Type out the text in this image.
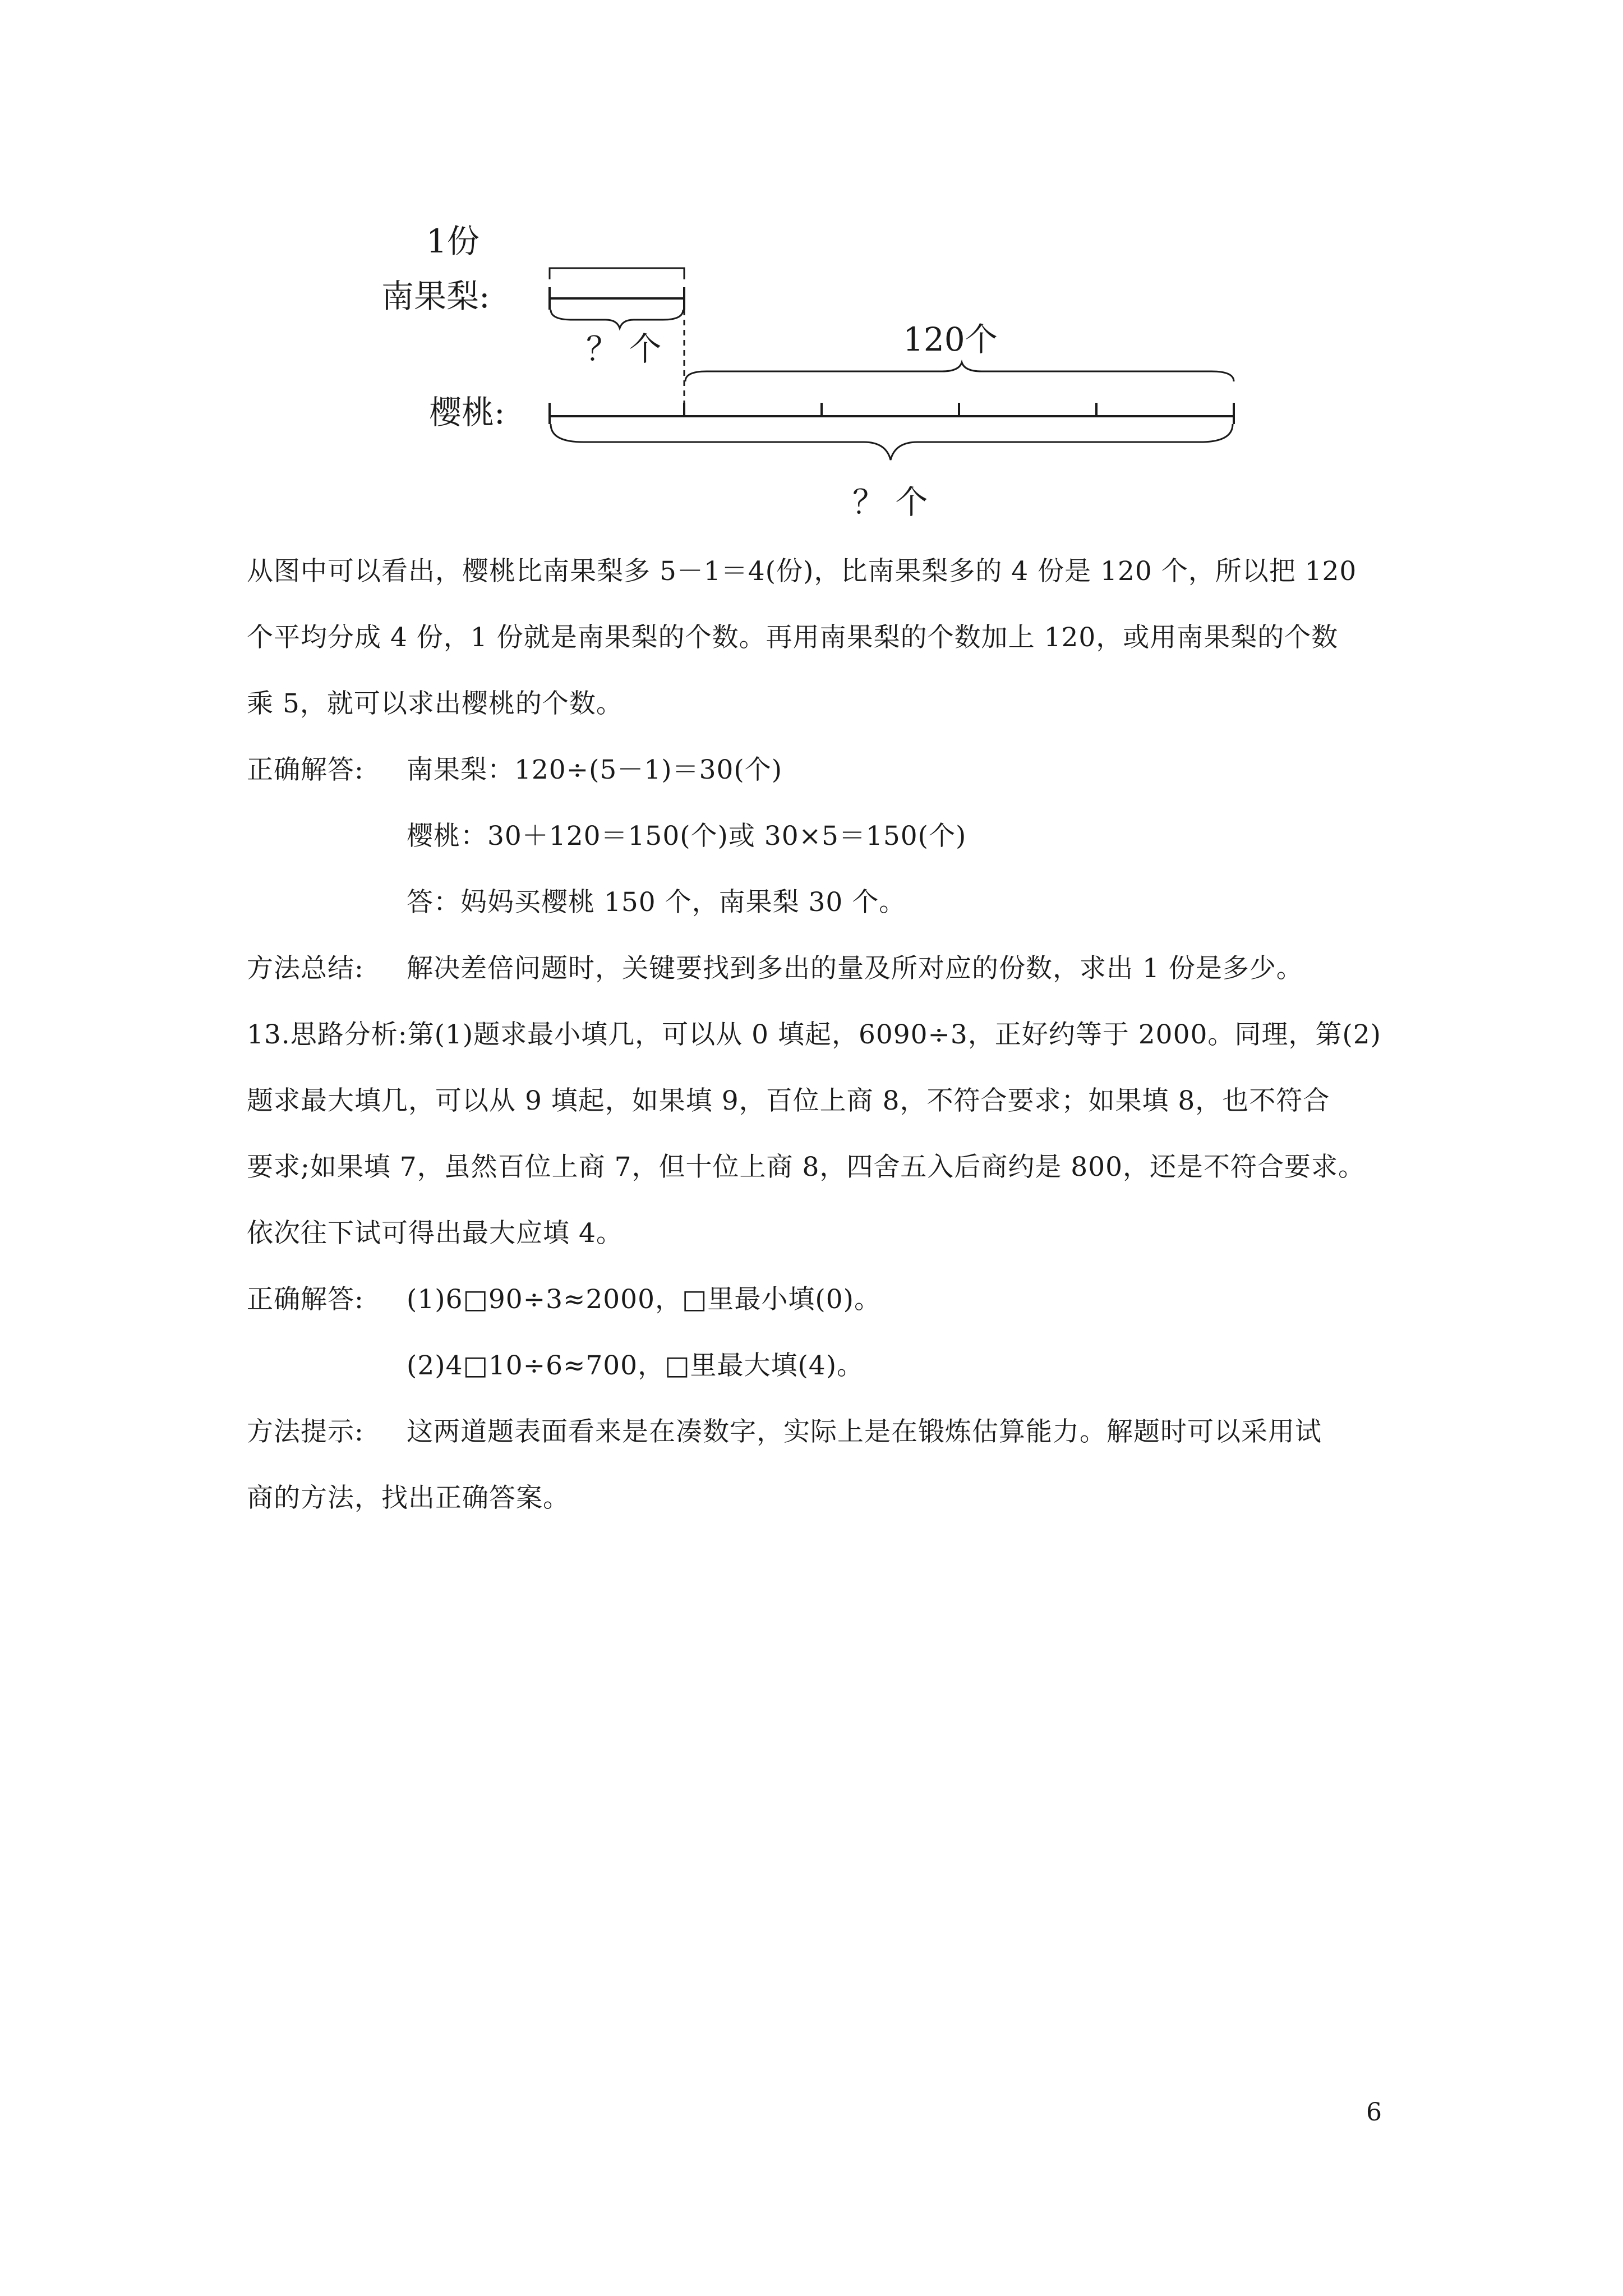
1份
南果梨:
？ 个	120个
樱桃:
？ 个
从图中可以看出，樱桃比南果梨多 5－1＝4(份)，比南果梨多的 4 份是 120 个，所以把 120
个平均分成 4 份，1 份就是南果梨的个数。再用南果梨的个数加上 120，或用南果梨的个数
乘 5，就可以求出樱桃的个数。
正确解答: 南果梨：120÷(5－1)＝30(个)
樱桃：30＋120＝150(个)或 30×5＝150(个)
答：妈妈买樱桃 150 个，南果梨 30 个。
方法总结: 解决差倍问题时，关键要找到多出的量及所对应的份数，求出 1 份是多少。
13.思路分析:第(1)题求最小填几，可以从 0 填起，6090÷3，正好约等于 2000。同理，第(2)
题求最大填几，可以从 9 填起，如果填 9，百位上商 8，不符合要求；如果填 8，也不符合
要求;如果填 7，虽然百位上商 7，但十位上商 8，四舍五入后商约是 800，还是不符合要求。
依次往下试可得出最大应填 4。
正确解答: (1)6□90÷3≈2000，□里最小填(0)。
(2)4□10÷6≈700，□里最大填(4)。
方法提示: 这两道题表面看来是在凑数字，实际上是在锻炼估算能力。解题时可以采用试
商的方法，找出正确答案。
6
